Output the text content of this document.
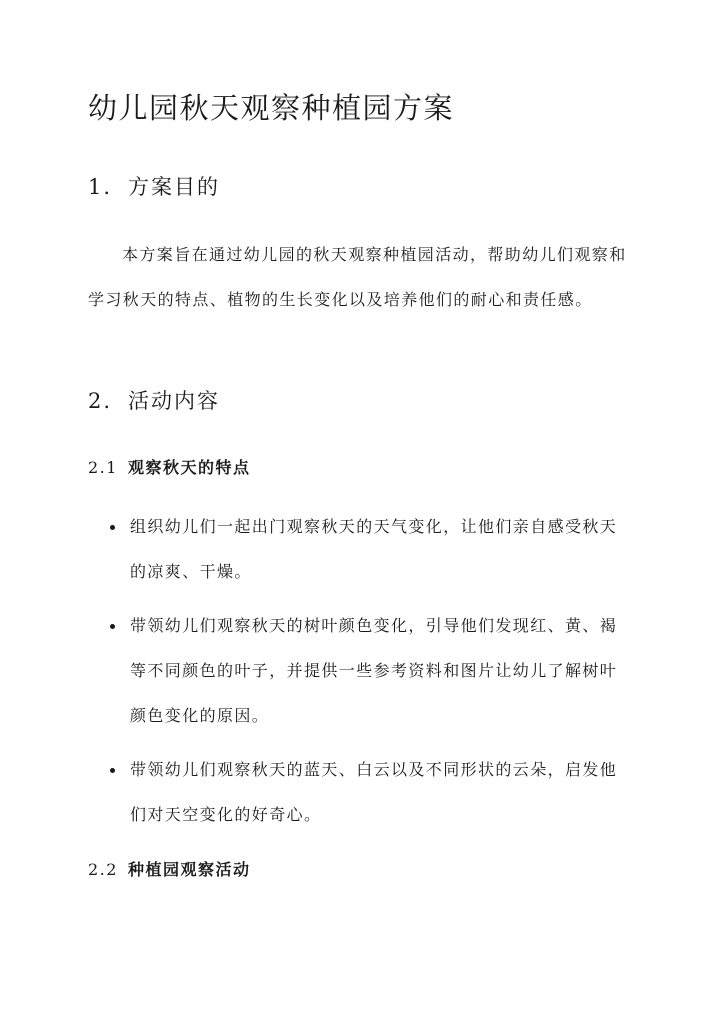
幼儿园秋天观察种植园方案
1. 方案目的

本方案旨在通过幼儿园的秋天观察种植园活动，帮助幼儿们观察和学习秋天的特点、植物的生长变化以及培养他们的耐心和责任感。

2. 活动内容
2.1 观察秋天的特点
组织幼儿们一起出门观察秋天的天气变化，让他们亲自感受秋天的凉爽、干燥。
带领幼儿们观察秋天的树叶颜色变化，引导他们发现红、黄、褐等不同颜色的叶子，并提供一些参考资料和图片让幼儿了解树叶颜色变化的原因。
带领幼儿们观察秋天的蓝天、白云以及不同形状的云朵，启发他们对天空变化的好奇心。
2.2 种植园观察活动
